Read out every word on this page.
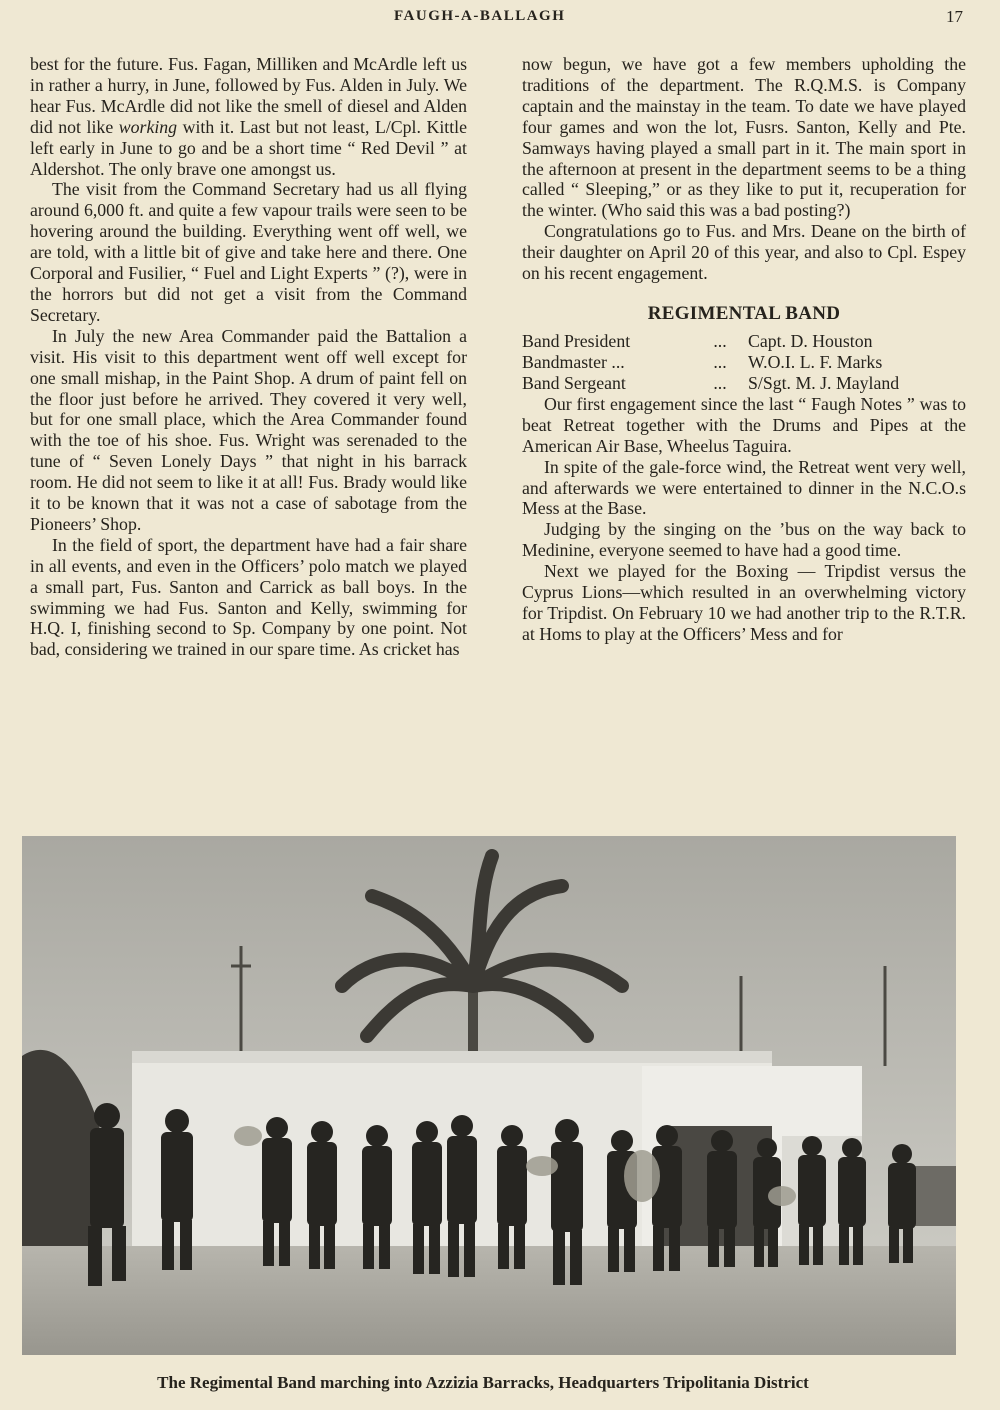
FAUGH-A-BALLAGH	17

best for the future. Fus. Fagan, Milliken and McArdle left us in rather a hurry, in June, followed by Fus. Alden in July. We hear Fus. McArdle did not like the smell of diesel and Alden did not like working with it. Last but not least, L/Cpl. Kittle left early in June to go and be a short time “ Red Devil ” at Aldershot. The only brave one amongst us.

The visit from the Command Secretary had us all flying around 6,000 ft. and quite a few vapour trails were seen to be hovering around the building. Everything went off well, we are told, with a little bit of give and take here and there. One Corporal and Fusilier, “ Fuel and Light Experts ” (?), were in the horrors but did not get a visit from the Command Secretary.

In July the new Area Commander paid the Battalion a visit. His visit to this department went off well except for one small mishap, in the Paint Shop. A drum of paint fell on the floor just before he arrived. They covered it very well, but for one small place, which the Area Commander found with the toe of his shoe. Fus. Wright was serenaded to the tune of “ Seven Lonely Days ” that night in his barrack room. He did not seem to like it at all! Fus. Brady would like it to be known that it was not a case of sabotage from the Pioneers’ Shop.

In the field of sport, the department have had a fair share in all events, and even in the Officers’ polo match we played a small part, Fus. Santon and Carrick as ball boys. In the swimming we had Fus. Santon and Kelly, swimming for H.Q. I, finishing second to Sp. Company by one point. Not bad, considering we trained in our spare time. As cricket has

now begun, we have got a few members upholding the traditions of the department. The R.Q.M.S. is Company captain and the mainstay in the team. To date we have played four games and won the lot, Fusrs. Santon, Kelly and Pte. Samways having played a small part in it. The main sport in the afternoon at present in the department seems to be a thing called “ Sleeping,” or as they like to put it, recuperation for the winter. (Who said this was a bad posting?)

Congratulations go to Fus. and Mrs. Deane on the birth of their daughter on April 20 of this year, and also to Cpl. Espey on his recent engagement.

REGIMENTAL BAND
Band President	...	Capt. D. Houston
Bandmaster ...	...	W.O.I. L. F. Marks
Band Sergeant	...	S/Sgt. M. J. Mayland

Our first engagement since the last “ Faugh Notes ” was to beat Retreat together with the Drums and Pipes at the American Air Base, Wheelus Taguira.

In spite of the gale-force wind, the Retreat went very well, and afterwards we were entertained to dinner in the N.C.O.s Mess at the Base.

Judging by the singing on the ’bus on the way back to Medinine, everyone seemed to have had a good time.

Next we played for the Boxing — Tripdist versus the Cyprus Lions—which resulted in an overwhelming victory for Tripdist. On February 10 we had another trip to the R.T.R. at Homs to play at the Officers’ Mess and for

The Regimental Band marching into Azzizia Barracks, Headquarters Tripolitania District
